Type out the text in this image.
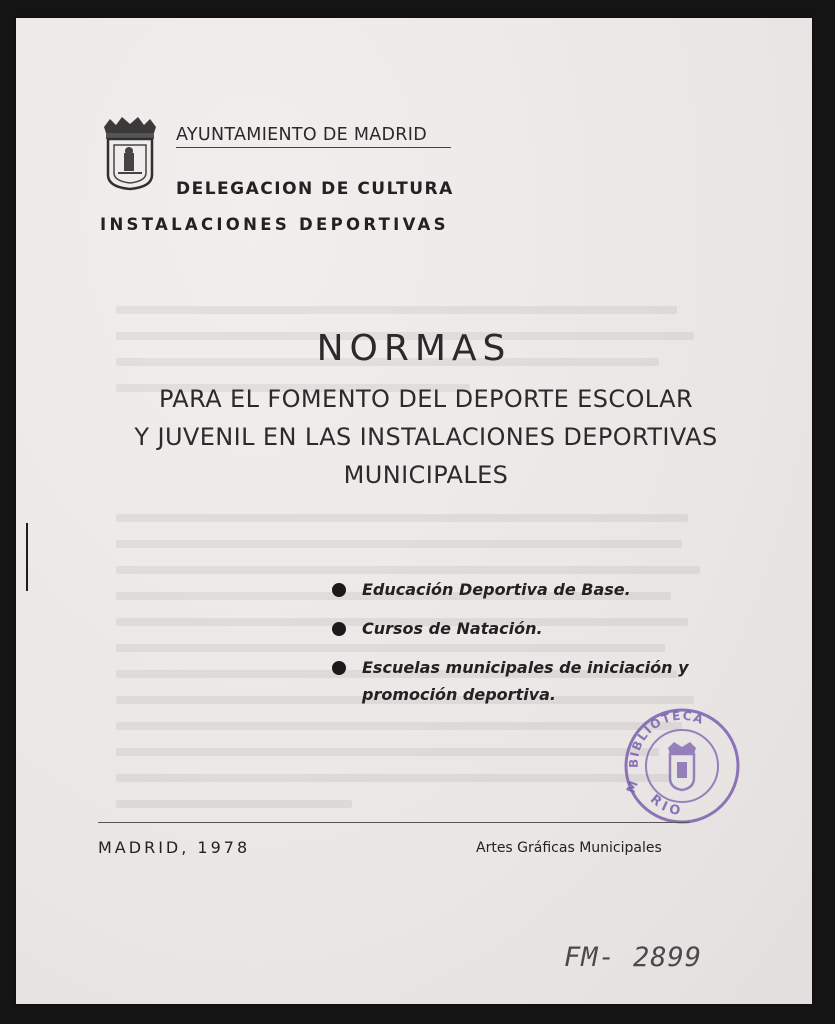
AYUNTAMIENTO DE MADRID
DELEGACION DE CULTURA
INSTALACIONES DEPORTIVAS
NORMAS
PARA EL FOMENTO DEL DEPORTE ESCOLAR
Y JUVENIL EN LAS INSTALACIONES DEPORTIVAS
MUNICIPALES
Educación Deportiva de Base.
Cursos de Natación.
Escuelas municipales de iniciación y promoción deportiva.
BIBLIOTECA
RIO
M
MADRID, 1978	Artes Gráficas Municipales
FM- 2899
